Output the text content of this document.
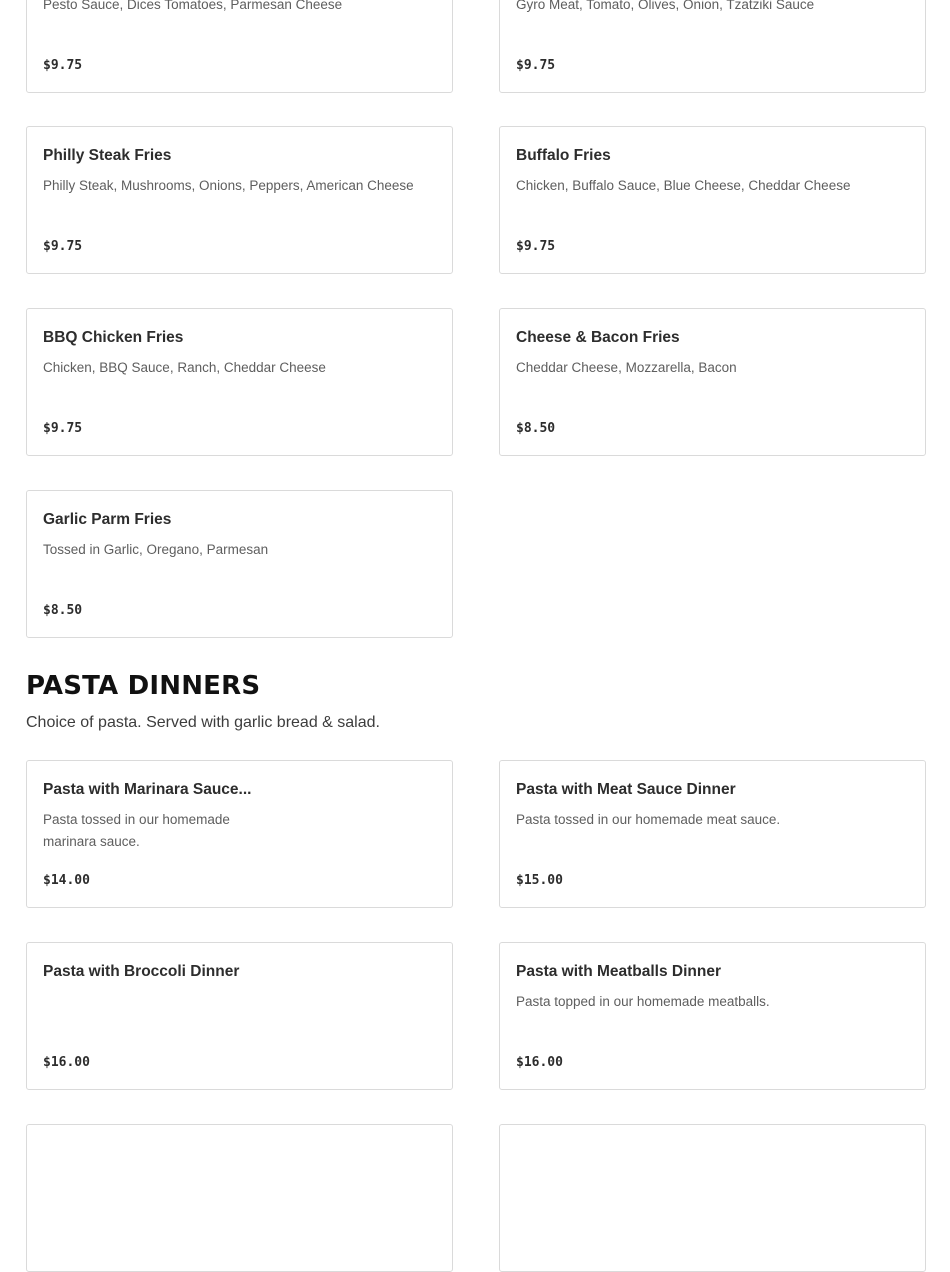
Pesto Sauce, Dices Tomatoes, Parmesan Cheese
$9.75
Gyro Meat, Tomato, Olives, Onion, Tzatziki Sauce
$9.75
Philly Steak Fries
Philly Steak, Mushrooms, Onions, Peppers, American Cheese
$9.75
Buffalo Fries
Chicken, Buffalo Sauce, Blue Cheese, Cheddar Cheese
$9.75
BBQ Chicken Fries
Chicken, BBQ Sauce, Ranch, Cheddar Cheese
$9.75
Cheese & Bacon Fries
Cheddar Cheese, Mozzarella, Bacon
$8.50
Garlic Parm Fries
Tossed in Garlic, Oregano, Parmesan
$8.50
PASTA DINNERS
Choice of pasta. Served with garlic bread & salad.
Pasta with Marinara Sauce...
Pasta tossed in our homemade
marinara sauce.
$14.00
Pasta with Meat Sauce Dinner
Pasta tossed in our homemade meat sauce.
$15.00
Pasta with Broccoli Dinner
$16.00
Pasta with Meatballs Dinner
Pasta topped in our homemade meatballs.
$16.00
